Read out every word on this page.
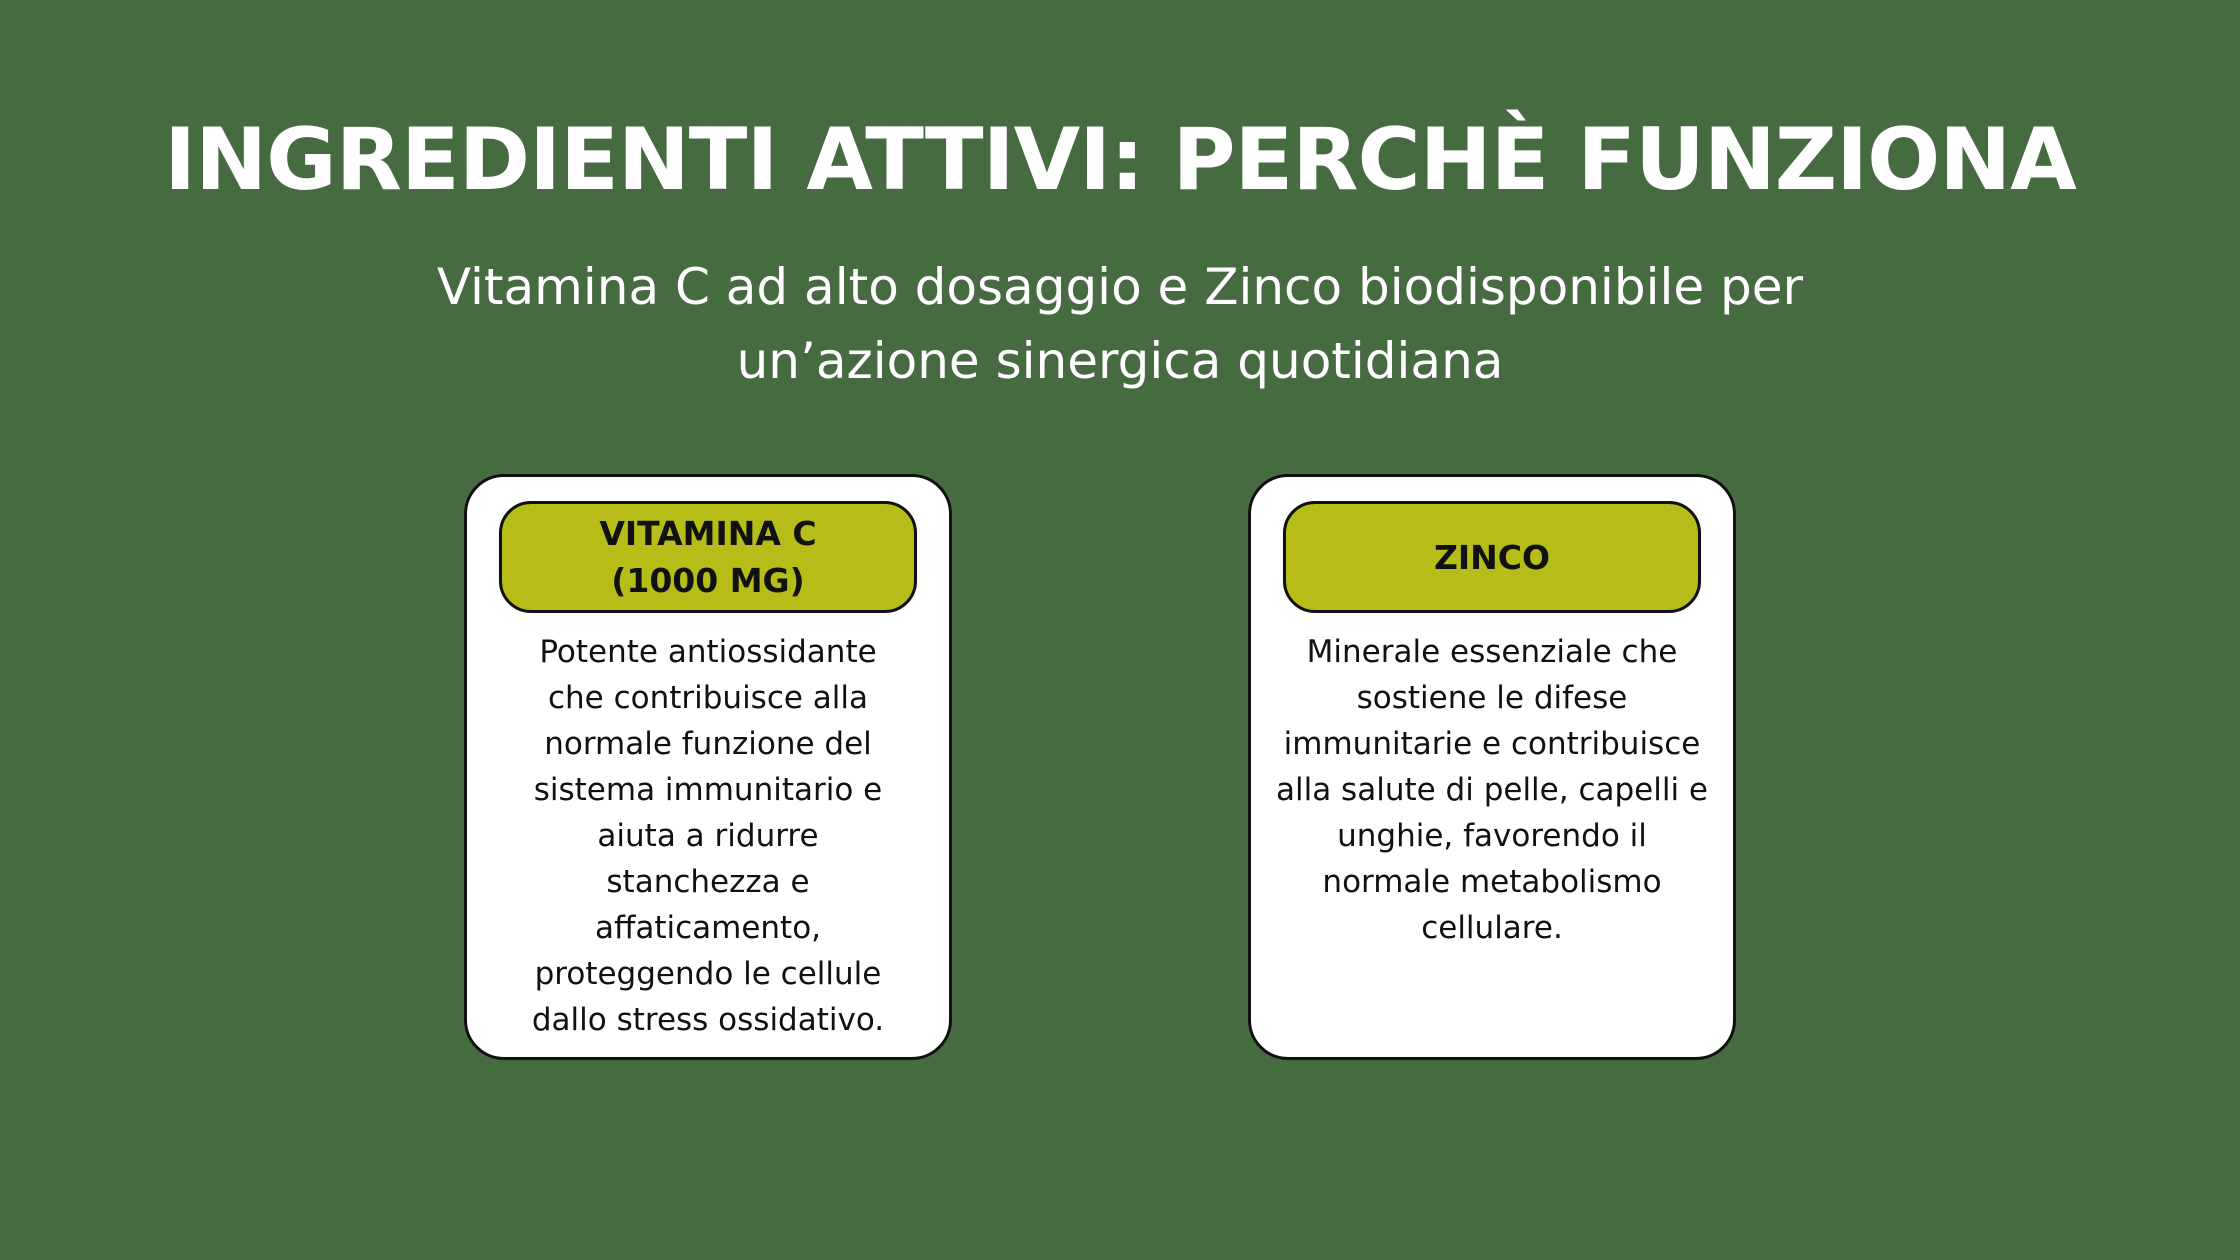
INGREDIENTI ATTIVI: PERCHÈ FUNZIONA
Vitamina C ad alto dosaggio e Zinco biodisponibile per
un’azione sinergica quotidiana
VITAMINA C
(1000 MG)
Potente antiossidante
che contribuisce alla
normale funzione del
sistema immunitario e
aiuta a ridurre
stanchezza e
affaticamento,
proteggendo le cellule
dallo stress ossidativo.
ZINCO
Minerale essenziale che
sostiene le difese
immunitarie e contribuisce
alla salute di pelle, capelli e
unghie, favorendo il
normale metabolismo
cellulare.
